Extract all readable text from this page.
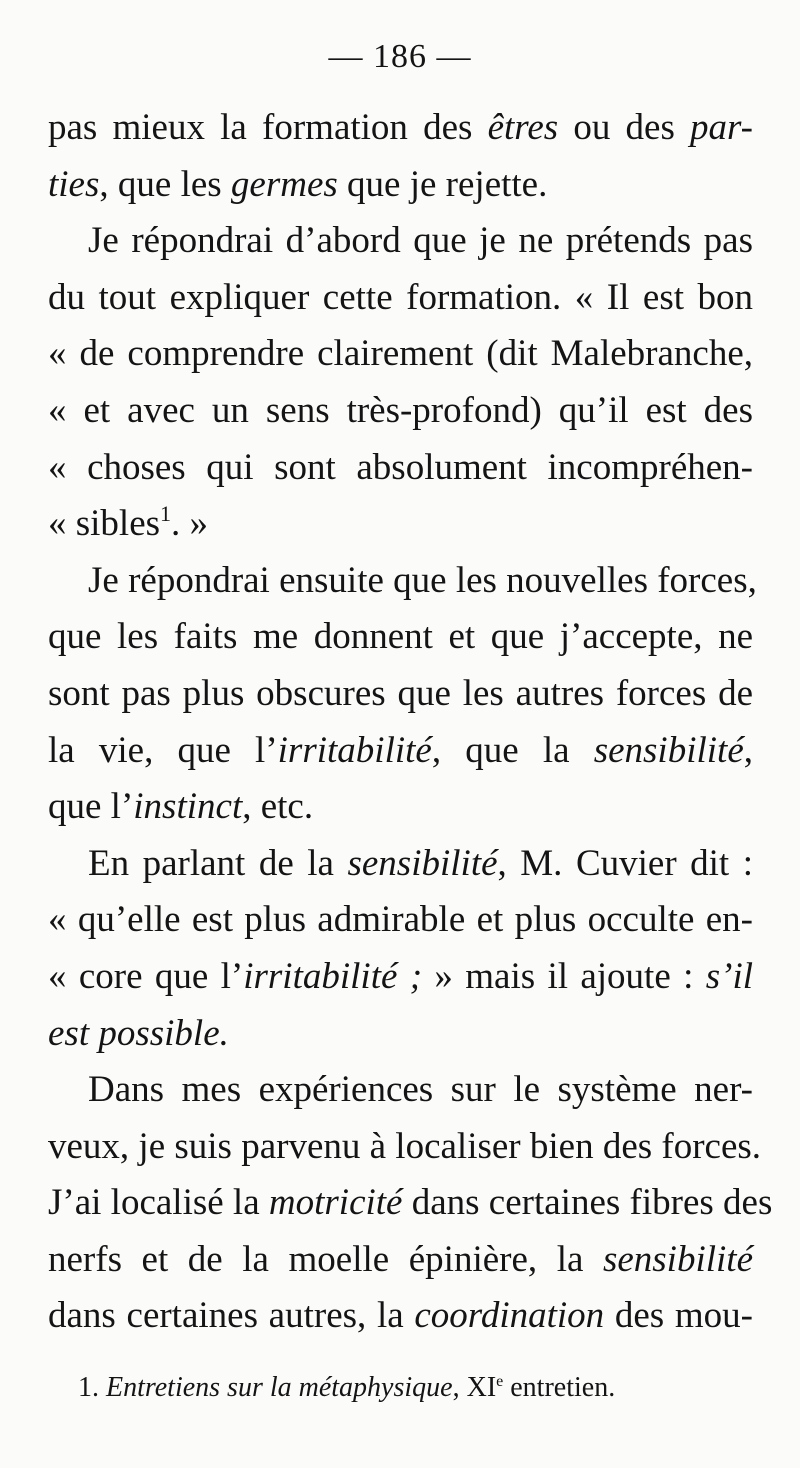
— 186 —
pas mieux la formation des êtres ou des par-
ties, que les germes que je rejette.
Je répondrai d’abord que je ne prétends pas
du tout expliquer cette formation. « Il est bon
« de comprendre clairement (dit Malebranche,
« et avec un sens très-profond) qu’il est des
« choses qui sont absolument incompréhen-
« sibles$^1$. »
Je répondrai ensuite que les nouvelles forces,
que les faits me donnent et que j’accepte, ne
sont pas plus obscures que les autres forces de
la vie, que l’irritabilité, que la sensibilité,
que l’instinct, etc.
En parlant de la sensibilité, M. Cuvier dit :
« qu’elle est plus admirable et plus occulte en-
« core que l’irritabilité ; » mais il ajoute : s’il
est possible.
Dans mes expériences sur le système ner-
veux, je suis parvenu à localiser bien des forces.
J’ai localisé la motricité dans certaines fibres des
nerfs et de la moelle épinière, la sensibilité
dans certaines autres, la coordination des mou-
1. Entretiens sur la métaphysique, XIe entretien.
